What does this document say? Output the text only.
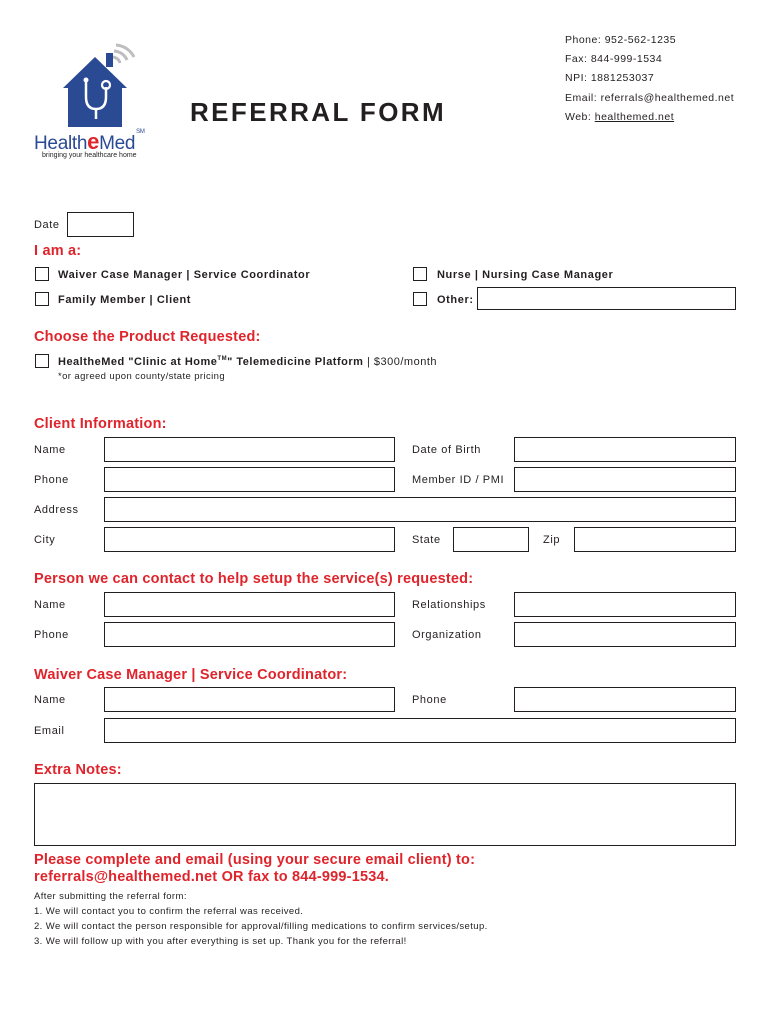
HealtheMed℠
bringing your healthcare home
REFERRAL FORM
Phone: 952-562-1235
Fax: 844-999-1534
NPI: 1881253037
Email: referrals@healthemed.net
Web: healthemed.net
Date
I am a:
Waiver Case Manager | Service Coordinator	Nurse | Nursing Case Manager
Family Member | Client	Other:
Choose the Product Requested:
HealtheMed "Clinic at Home™" Telemedicine Platform | $300/month
*or agreed upon county/state pricing
Client Information:
Name	Date of Birth
Phone	Member ID / PMI
Address
City	State	Zip
Person we can contact to help setup the service(s) requested:
Name	Relationships
Phone	Organization
Waiver Case Manager | Service Coordinator:
Name	Phone
Email
Extra Notes:
Please complete and email (using your secure email client) to:
referrals@healthemed.net OR fax to 844-999-1534.
After submitting the referral form:
1. We will contact you to confirm the referral was received.
2. We will contact the person responsible for approval/filling medications to confirm services/setup.
3. We will follow up with you after everything is set up. Thank you for the referral!
